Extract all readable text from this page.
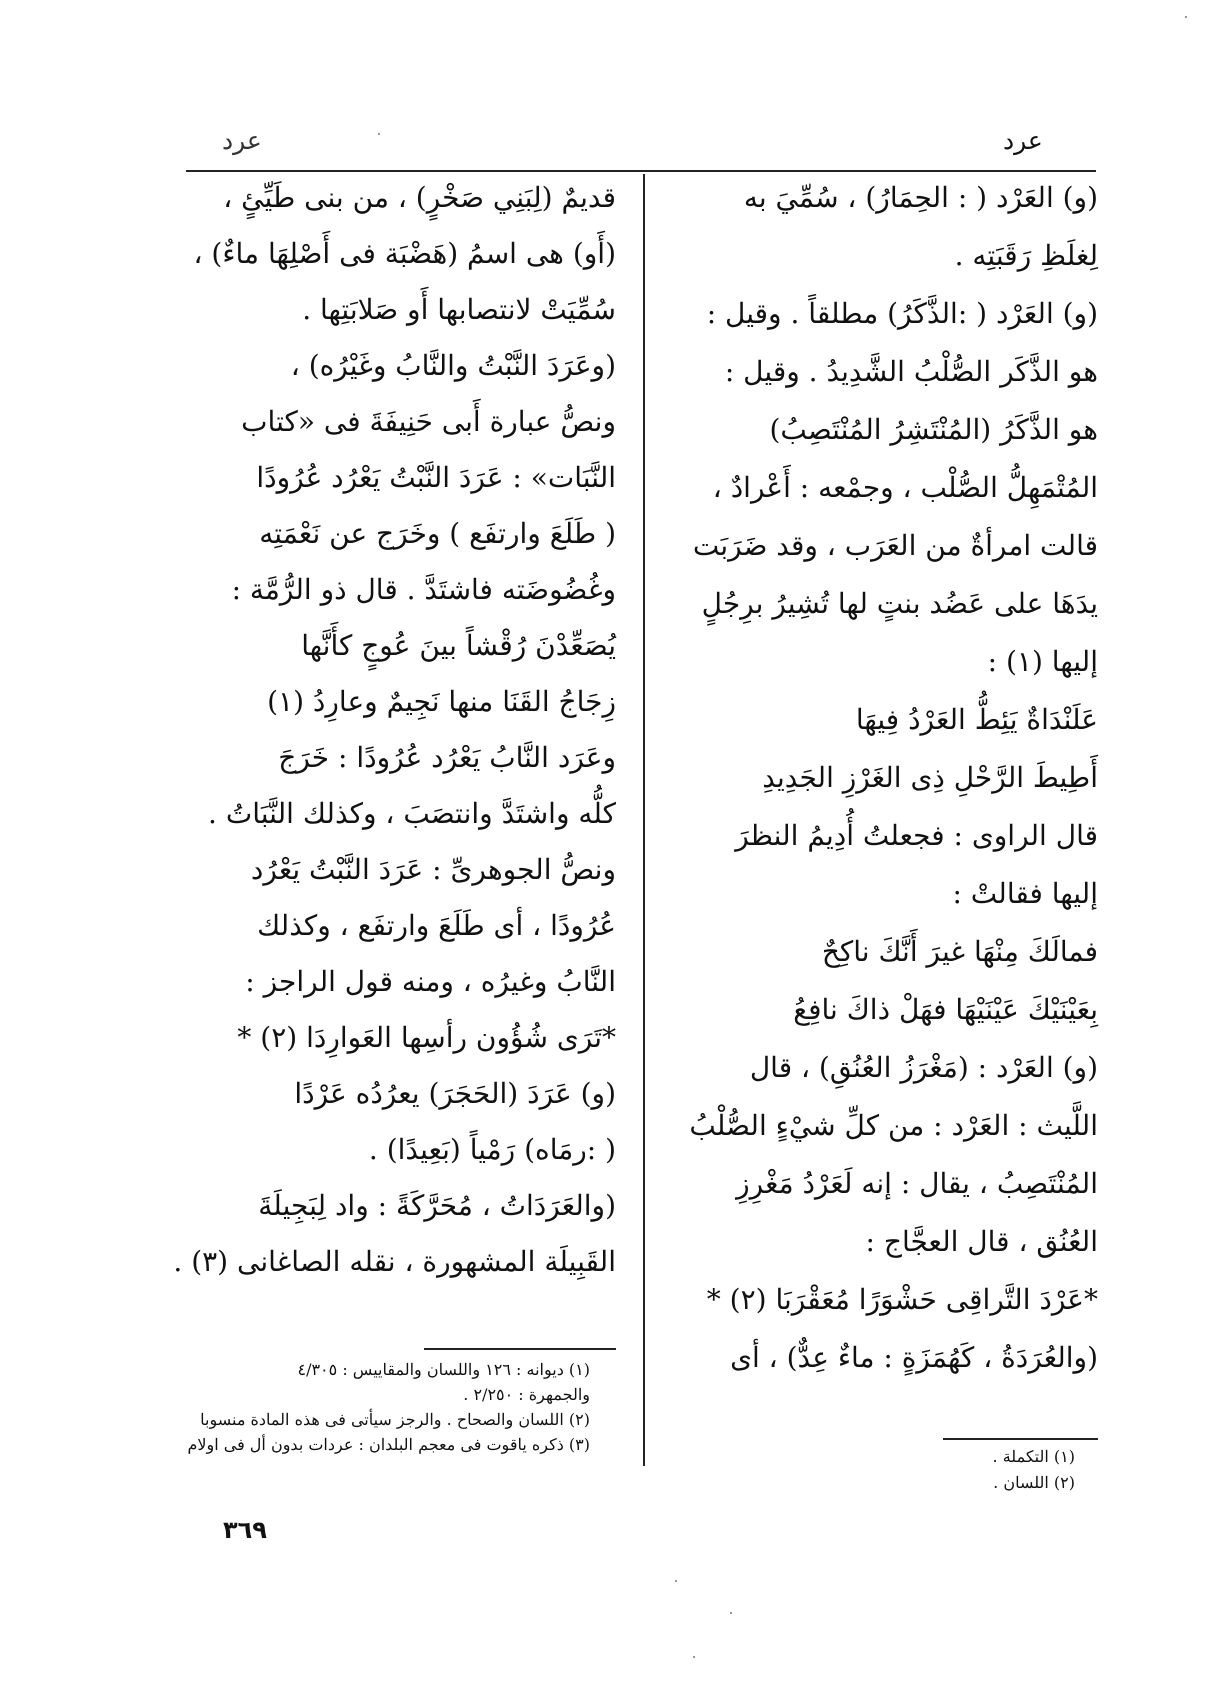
عرد
عرد
(و) العَرْد ( : الحِمَارُ) ، سُمِّيَ به
لِغلَظِ رَقَبَتِه .
(و) العَرْد ( :الذَّكَرُ) مطلقاً . وقيل :
هو الذَّكَر الصُّلْبُ الشَّدِيدُ . وقيل :
هو الذَّكَرُ (المُنْتَشِرُ المُنْتَصِبُ)
المُتْمَهِلُّ الصُّلْب ، وجمْعه : أَعْرادٌ ،
قالت امرأةٌ من العَرَب ، وقد ضَرَبَت
يدَهَا على عَضُد بنتٍ لها تُشِيرُ برِجُلٍ
إليها (١) :
عَلَنْدَاةٌ يَئِطُّ العَرْدُ فِيهَا
أَطِيطَ الرَّحْلِ ذِى الغَرْزِ الجَدِيدِ
قال الراوى : فجعلتُ أُدِيمُ النظرَ
إليها فقالتْ :
فمالَكَ مِنْهَا غيرَ أَنَّكَ ناكِحٌ
بِعَيْنَيْكَ عَيْنَيْهَا فهَلْ ذاكَ نافِعُ
(و) العَرْد : (مَغْرَزُ العُنُقِ) ، قال
اللَّيث : العَرْد : من كلِّ شيْءٍ الصُّلْبُ
المُنْتَصِبُ ، يقال : إنه لَعَرْدُ مَغْرِزِ
العُنُق ، قال العجَّاج :
*عَرْدَ التَّراقِى حَشْوَرًا مُعَقْرَبَا (٢) *
(والعُرَدَةُ ، كَهُمَزَةٍ : ماءٌ عِدٌّ) ، أى
قديمٌ (لِبَنِي صَخْرٍ) ، من بنى طَيِّئٍ ،
(أَو) هى اسمُ (هَضْبَة فى أَصْلِهَا ماءٌ) ،
سُمِّيَتْ لانتصابها أَو صَلابَتِها .
(وعَرَدَ النَّبْتُ والنَّابُ وغَيْرُه) ،
ونصُّ عبارة أَبى حَنِيفَةَ فى «كتاب
النَّبَات» : عَرَدَ النَّبْتُ يَعْرُد عُرُودًا
( طَلَعَ وارتفَع ) وخَرَج عن نَعْمَتِه
وغُضُوضَته فاشتَدَّ . قال ذو الرُّمَّة :
يُصَعِّدْنَ رُقْشاً بينَ عُوجٍ كأَنَّها
زِجَاجُ القَنَا منها نَجِيمٌ وعارِدُ (١)
وعَرَد النَّابُ يَعْرُد عُرُودًا : خَرَجَ
كلُّه واشتَدَّ وانتصَبَ ، وكذلك النَّبَاتُ .
ونصُّ الجوهرىِّ : عَرَدَ النَّبْتُ يَعْرُد
عُرُودًا ، أى طَلَعَ وارتفَع ، وكذلك
النَّابُ وغيرُه ، ومنه قول الراجز :
*تَرَى شُؤُون رأسِها العَوارِدَا (٢) *
(و) عَرَدَ (الحَجَرَ) يعرُدُه عَرْدًا
( :رمَاه) رَمْياً (بَعِيدًا) .
(والعَرَدَاتُ ، مُحَرَّكَةً : واد لِبَجِيلَةَ
القَبِيلَة المشهورة ، نقله الصاغانى (٣) .
(١) التكملة .
(٢) اللسان .
(١) ديوانه : ١٢٦ واللسان والمقاييس : ٤/٣٠٥
والجمهرة : ٢/٢٥٠ .
(٢) اللسان والصحاح . والرجز سيأتى فى هذه المادة منسوبا
(٣) ذكره ياقوت فى معجم البلدان : عردات بدون أل فى اولام
٣٦٩
